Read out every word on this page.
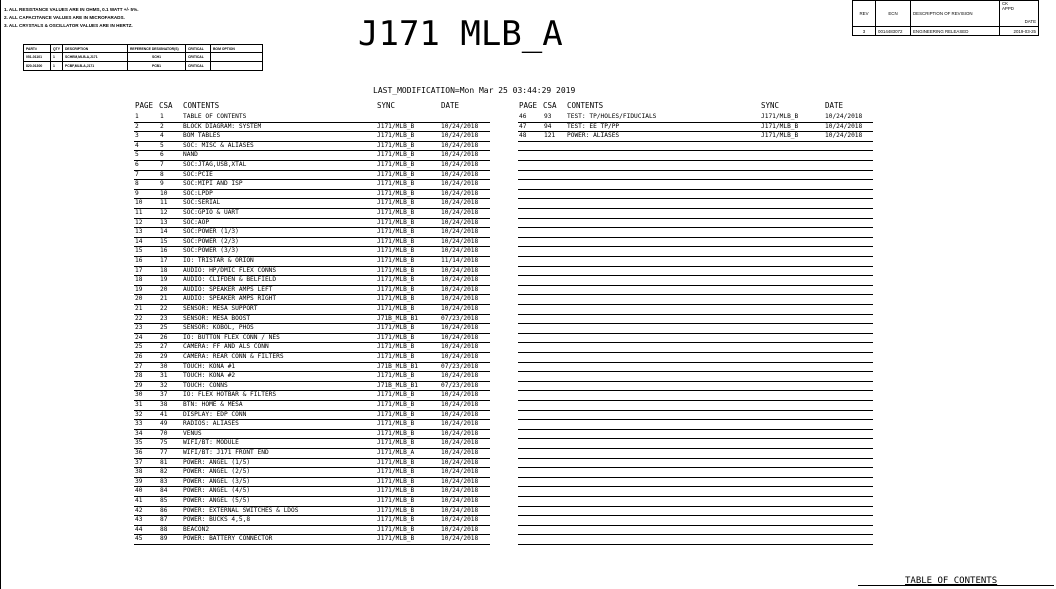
1. ALL RESISTANCE VALUES ARE IN OHMS, 0.1 WATT +/- 5%.
2. ALL CAPACITANCE VALUES ARE IN MICROFARADS.
3. ALL CRYSTALS & OSCILLATOR VALUES ARE IN HERTZ.
PART#	QTY	DESCRIPTION	REFERENCE DESIGNATOR(S)	CRITICAL	BOM OPTION
051-01101	1	SCHEM,MLB-A,J171	SCH1	CRITICAL	
820-01300	1	PCBF,MLB-A,J171	PCB1	CRITICAL	
J171 MLB_A
LAST_MODIFICATION=Mon Mar 25 03:44:29 2019
REV	ECN	DESCRIPTION OF REVISION	CK APPD
DATE

3	0014483072	ENGINEERING RELEASED	2019-03-25
PAGE CSA CONTENTS	SYNC	DATE
1	1	TABLE OF CONTENTS
2	2	BLOCK DIAGRAM: SYSTEM	J171/MLB_B	10/24/2018
3	4	BOM TABLES	J171/MLB_B	10/24/2018
4	5	SOC: MISC & ALIASES	J171/MLB_B	10/24/2018
5	6	NAND	J171/MLB_B	10/24/2018
6	7	SOC:JTAG,USB,XTAL	J171/MLB_B	10/24/2018
7	8	SOC:PCIE	J171/MLB_B	10/24/2018
8	9	SOC:MIPI AND ISP	J171/MLB_B	10/24/2018
9	10	SOC:LPDP	J171/MLB_B	10/24/2018
10	11	SOC:SERIAL	J171/MLB_B	10/24/2018
11	12	SOC:GPIO & UART	J171/MLB_B	10/24/2018
12	13	SOC:AOP	J171/MLB_B	10/24/2018
13	14	SOC:POWER (1/3)	J171/MLB_B	10/24/2018
14	15	SOC:POWER (2/3)	J171/MLB_B	10/24/2018
15	16	SOC:POWER (3/3)	J171/MLB_B	10/24/2018
16	17	IO: TRISTAR & ORION	J171/MLB_B	11/14/2018
17	18	AUDIO: HP/DMIC FLEX CONNS	J171/MLB_B	10/24/2018
18	19	AUDIO: CLIFDEN & BELFIELD	J171/MLB_B	10/24/2018
19	20	AUDIO: SPEAKER AMPS LEFT	J171/MLB_B	10/24/2018
20	21	AUDIO: SPEAKER AMPS RIGHT	J171/MLB_B	10/24/2018
21	22	SENSOR: MESA SUPPORT	J171/MLB_B	10/24/2018
22	23	SENSOR: MESA BOOST	J71B_MLB_B1	07/23/2018
23	25	SENSOR: KOBOL, PHOS	J171/MLB_B	10/24/2018
24	26	IO: BUTTON FLEX CONN / NES	J171/MLB_B	10/24/2018
25	27	CAMERA: FF AND ALS CONN	J171/MLB_B	10/24/2018
26	29	CAMERA: REAR CONN & FILTERS	J171/MLB_B	10/24/2018
27	30	TOUCH: KONA #1	J71B_MLB_B1	07/23/2018
28	31	TOUCH: KONA #2	J171/MLB_B	10/24/2018
29	32	TOUCH: CONNS	J71B_MLB_B1	07/23/2018
30	37	IO: FLEX HOTBAR & FILTERS	J171/MLB_B	10/24/2018
31	38	BTN: HOME & MESA	J171/MLB_B	10/24/2018
32	41	DISPLAY: EDP CONN	J171/MLB_B	10/24/2018
33	49	RADIOS: ALIASES	J171/MLB_B	10/24/2018
34	70	VENUS	J171/MLB_B	10/24/2018
35	75	WIFI/BT: MODULE	J171/MLB_B	10/24/2018
36	77	WIFI/BT: J171 FRONT END	J171/MLB_A	10/24/2018
37	81	POWER: ANGEL (1/5)	J171/MLB_B	10/24/2018
38	82	POWER: ANGEL (2/5)	J171/MLB_B	10/24/2018
39	83	POWER: ANGEL (3/5)	J171/MLB_B	10/24/2018
40	84	POWER: ANGEL (4/5)	J171/MLB_B	10/24/2018
41	85	POWER: ANGEL (5/5)	J171/MLB_B	10/24/2018
42	86	POWER: EXTERNAL SWITCHES & LDOS	J171/MLB_B	10/24/2018
43	87	POWER: BUCKS 4,5,8	J171/MLB_B	10/24/2018
44	88	BEACON2	J171/MLB_B	10/24/2018
45	89	POWER: BATTERY CONNECTOR	J171/MLB_B	10/24/2018
PAGE CSA CONTENTS	SYNC	DATE
46	93	TEST: TP/HOLES/FIDUCIALS	J171/MLB_B	10/24/2018
47	94	TEST: EE TP/PP	J171/MLB_B	10/24/2018
48	121 POWER: ALIASES	J171/MLB_B	10/24/2018
TABLE OF CONTENTS
